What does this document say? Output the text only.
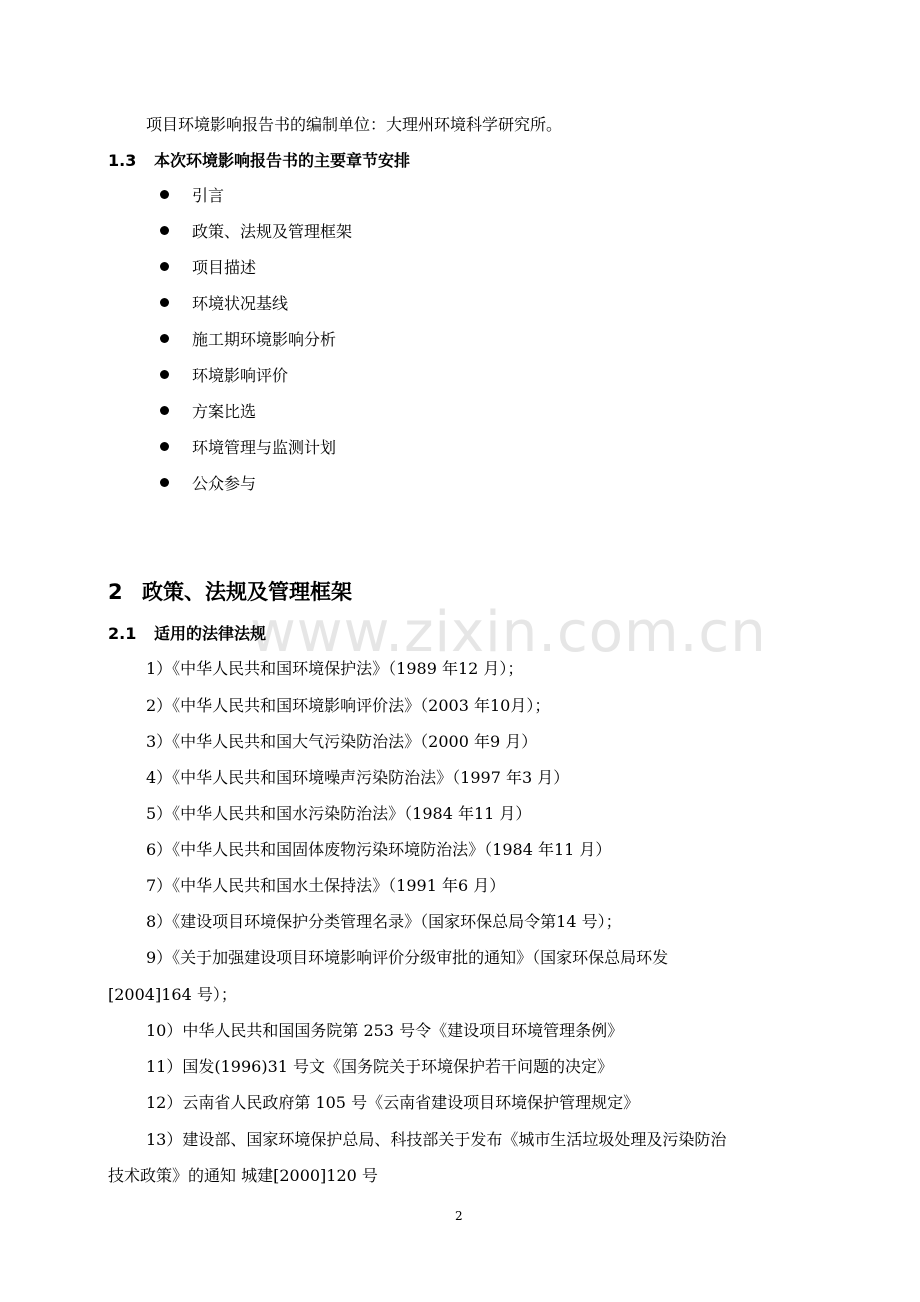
www.zixin.com.cn
项目环境影响报告书的编制单位：大理州环境科学研究所。
1.3 本次环境影响报告书的主要章节安排
引言
政策、法规及管理框架
项目描述
环境状况基线
施工期环境影响分析
环境影响评价
方案比选
环境管理与监测计划
公众参与
2 政策、法规及管理框架
2.1 适用的法律法规
1）《中华人民共和国环境保护法》（1989 年12 月）；
2）《中华人民共和国环境影响评价法》（2003 年10月）；
3）《中华人民共和国大气污染防治法》（2000 年9 月）
4）《中华人民共和国环境噪声污染防治法》（1997 年3 月）
5）《中华人民共和国水污染防治法》（1984 年11 月）
6）《中华人民共和国固体废物污染环境防治法》（1984 年11 月）
7）《中华人民共和国水土保持法》（1991 年6 月）
8）《建设项目环境保护分类管理名录》（国家环保总局令第14 号）；
9）《关于加强建设项目环境影响评价分级审批的通知》（国家环保总局环发
[2004]164 号）；
10）中华人民共和国国务院第 253 号令《建设项目环境管理条例》
11）国发(1996)31 号文《国务院关于环境保护若干问题的决定》
12）云南省人民政府第 105 号《云南省建设项目环境保护管理规定》
13）建设部、国家环境保护总局、科技部关于发布《城市生活垃圾处理及污染防治
技术政策》的通知 城建[2000]120 号
2
